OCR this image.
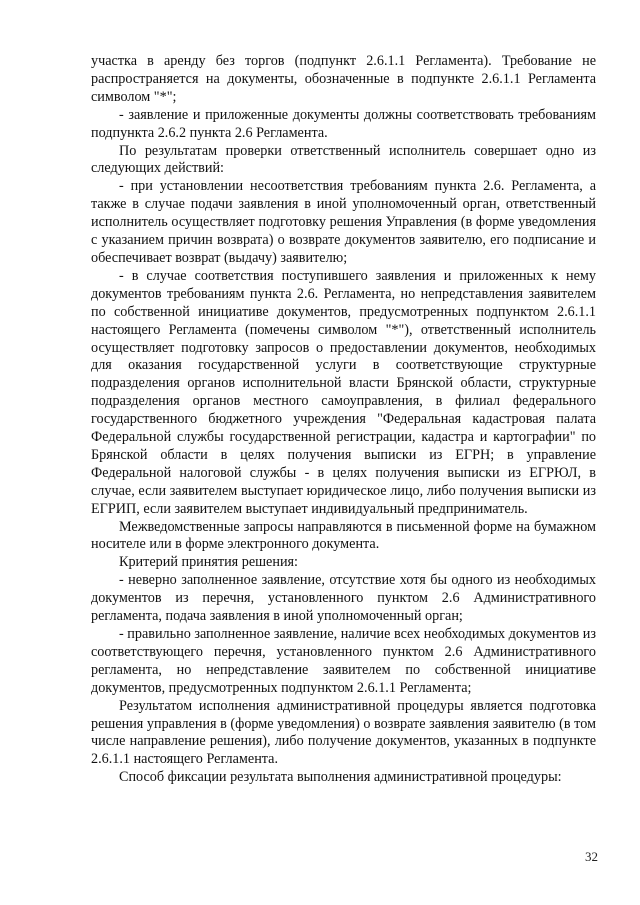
участка в аренду без торгов (подпункт 2.6.1.1 Регламента). Требование не распространяется на документы, обозначенные в подпункте 2.6.1.1 Регламента символом "*";

- заявление и приложенные документы должны соответствовать требованиям подпункта 2.6.2 пункта 2.6 Регламента.

По результатам проверки ответственный исполнитель совершает одно из следующих действий:

- при установлении несоответствия требованиям пункта 2.6. Регламента, а также в случае подачи заявления в иной уполномоченный орган, ответственный исполнитель осуществляет подготовку решения Управления (в форме уведомления с указанием причин возврата) о возврате документов заявителю, его подписание и обеспечивает возврат (выдачу) заявителю;

- в случае соответствия поступившего заявления и приложенных к нему документов требованиям пункта 2.6. Регламента, но непредставления заявителем по собственной инициативе документов, предусмотренных подпунктом 2.6.1.1 настоящего Регламента (помечены символом "*"), ответственный исполнитель осуществляет подготовку запросов о предоставлении документов, необходимых для оказания государственной услуги в соответствующие структурные подразделения органов исполнительной власти Брянской области, структурные подразделения органов местного самоуправления, в филиал федерального государственного бюджетного учреждения "Федеральная кадастровая палата Федеральной службы государственной регистрации, кадастра и картографии" по Брянской области в целях получения выписки из ЕГРН; в управление Федеральной налоговой службы - в целях получения выписки из ЕГРЮЛ, в случае, если заявителем выступает юридическое лицо, либо получения выписки из ЕГРИП, если заявителем выступает индивидуальный предприниматель.

Межведомственные запросы направляются в письменной форме на бумажном носителе или в форме электронного документа.

Критерий принятия решения:

- неверно заполненное заявление, отсутствие хотя бы одного из необходимых документов из перечня, установленного пунктом 2.6 Административного регламента, подача заявления в иной уполномоченный орган;

- правильно заполненное заявление, наличие всех необходимых документов из соответствующего перечня, установленного пунктом 2.6 Административного регламента, но непредставление заявителем по собственной инициативе документов, предусмотренных подпунктом 2.6.1.1 Регламента;

Результатом исполнения административной процедуры является подготовка решения управления в (форме уведомления) о возврате заявления заявителю (в том числе направление решения), либо получение документов, указанных в подпункте 2.6.1.1 настоящего Регламента.

Способ фиксации результата выполнения административной процедуры:

32
